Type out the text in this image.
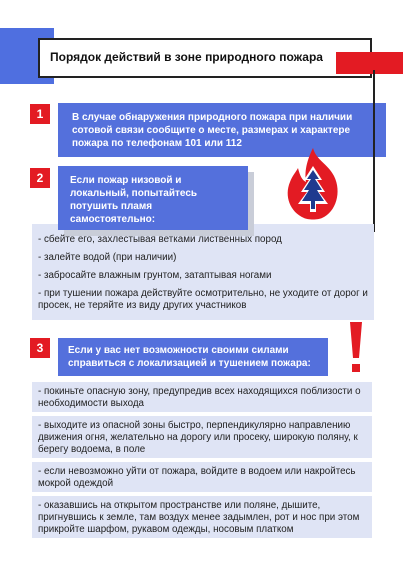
Порядок действий в зоне природного пожара
1	В случае обнаружения природного пожара при наличии сотовой связи сообщите о месте, размерах и характере пожара по телефонам 101 или 112
2	Если пожар низовой и локальный, попытайтесь потушить пламя самостоятельно:
- сбейте его, захлестывая ветками лиственных пород
- залейте водой (при наличии)
- забросайте влажным грунтом, затаптывая ногами
- при тушении пожара действуйте осмотрительно, не уходите от дорог и просек, не теряйте из виду других участников
3	Если у вас нет возможности своими силами справиться с локализацией и тушением пожара:
- покиньте опасную зону, предупредив всех находящихся поблизости о необходимости выхода
- выходите из опасной зоны быстро, перпендикулярно направлению движения огня, желательно на дорогу или просеку, широкую поляну, к берегу водоема, в поле
- если невозможно уйти от пожара, войдите в водоем или накройтесь мокрой одеждой
- оказавшись на открытом пространстве или поляне, дышите, пригнувшись к земле, там воздух менее задымлен, рот и нос при этом прикройте шарфом, рукавом одежды, носовым платком
